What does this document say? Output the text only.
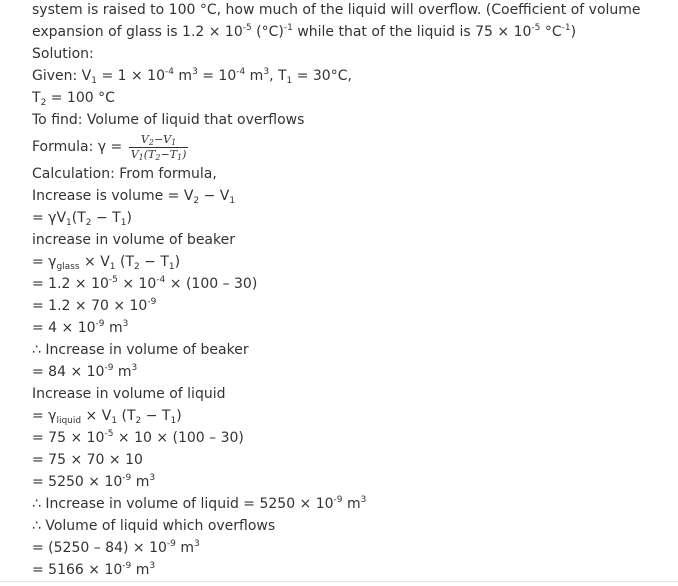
system is raised to 100 °C, how much of the liquid will overflow. (Coefficient of volume
expansion of glass is $1.2 \times 10^{-5}$ $(^\circ C)^{-1}$ while that of the liquid is $75 \times 10^{-5}$ $^\circ C^{-1}$)
Solution:
Given: $V_1 = 1 \times 10^{-4}$ $m^3 = 10^{-4}$ $m^3$, $T_1 = 30^\circ C$,
$T_2 = 100$ °C
To find: Volume of liquid that overflows
Formula: $\gamma = \frac{V_2-V_1}{V_1(T_2-T_1)}$
Calculation: From formula,
Increase is volume = $V_2 - V_1$
= $\gamma V_1(T_2 - T_1)$
increase in volume of beaker
= $\gamma_{glass} \times V_1$ $(T_2 - T_1)$
= $1.2 \times 10^{-5} \times 10^{-4} \times (100 - 30)$
= $1.2 \times 70 \times 10^{-9}$
= $4 \times 10^{-9}$ $m^3$
∴ Increase in volume of beaker
= $84 \times 10^{-9}$ $m^3$
Increase in volume of liquid
= $\gamma_{liquid} \times V_1$ $(T_2 - T_1)$
= $75 \times 10^{-5} \times 10 \times (100 - 30)$
= 75 × 70 × 10
= $5250 \times 10^{-9}$ $m^3$
∴ Increase in volume of liquid = $5250 \times 10^{-9}$ $m^3$
∴ Volume of liquid which overflows
= $(5250 - 84) \times 10^{-9}$ $m^3$
= $5166 \times 10^{-9}$ $m^3$
